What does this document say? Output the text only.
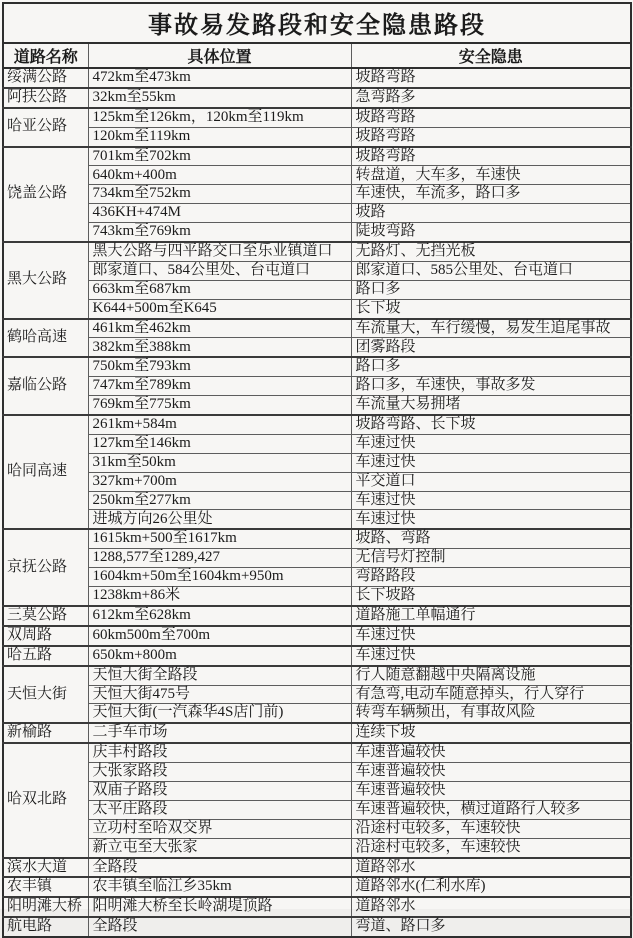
事故易发路段和安全隐患路段		
道路名称	具体位置	安全隐患
绥满公路	472km至473km	坡路弯路
阿扶公路	32km至55km	急弯路多
哈亚公路	125km至126km，120km至119km	坡路弯路
	120km至119km	坡路弯路
饶盖公路	701km至702km	坡路弯路
	640km+400m	转盘道，大车多，车速快
	734km至752km	车速快，车流多，路口多
	436KH+474M	坡路
	743km至769km	陡坡弯路
黑大公路	黑大公路与四平路交口至乐业镇道口	无路灯、无挡光板
	郎家道口、584公里处、台屯道口	郎家道口、585公里处、台屯道口
	663km至687km	路口多
	K644+500m至K645	长下坡
鹤哈高速	461km至462km	车流量大，车行缓慢，易发生追尾事故
	382km至388km	团雾路段
嘉临公路	750km至793km	路口多
	747km至789km	路口多，车速快，事故多发
	769km至775km	车流量大易拥堵
哈同高速	261km+584m	坡路弯路、长下坡
	127km至146km	车速过快
	31km至50km	车速过快
	327km+700m	平交道口
	250km至277km	车速过快
	进城方向26公里处	车速过快
京抚公路	1615km+500至1617km	坡路、弯路
	1288,577至1289,427	无信号灯控制
	1604km+50m至1604km+950m	弯路路段
	1238km+86米	长下坡路
三莫公路	612km至628km	道路施工单幅通行
双周路	60km500m至700m	车速过快
哈五路	650km+800m	车速过快
天恒大街	天恒大街全路段	行人随意翻越中央隔离设施
	天恒大街475号	有急弯,电动车随意掉头，行人穿行
	天恒大街(一汽森华4S店门前)	转弯车辆频出，有事故风险
新榆路	二手车市场	连续下坡
哈双北路	庆丰村路段	车速普遍较快
	大张家路段	车速普遍较快
	双庙子路段	车速普遍较快
	太平庄路段	车速普遍较快，横过道路行人较多
	立功村至哈双交界	沿途村屯较多，车速较快
	新立屯至大张家	沿途村屯较多，车速较快
滨水大道	全路段	道路邻水
农丰镇	农丰镇至临江乡35km	道路邻水(仁利水库)
阳明滩大桥	阳明滩大桥至长岭湖堤顶路	道路邻水
航电路	全路段	弯道、路口多
